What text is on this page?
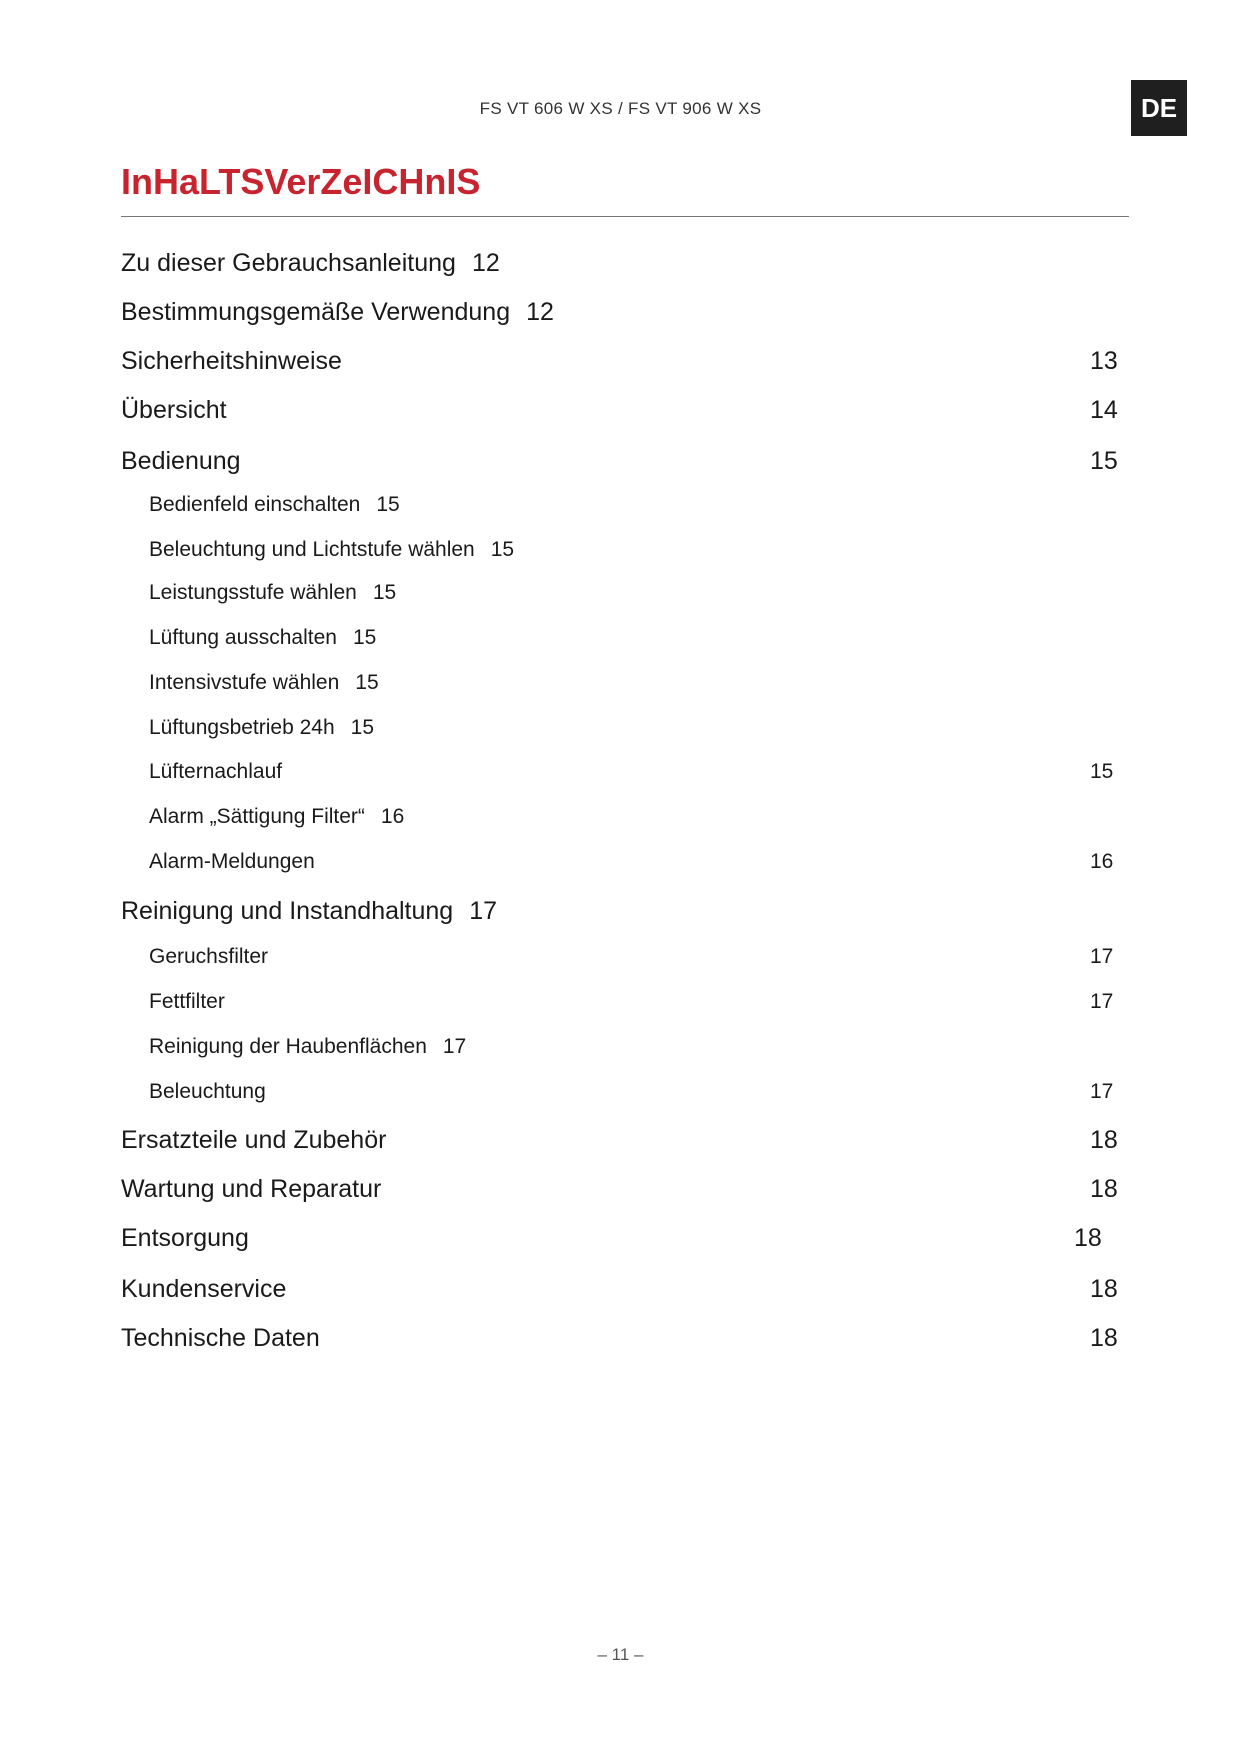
FS VT 606 W XS / FS VT 906 W XS	DE
InHaLTSVerZeICHnIS
Zu dieser Gebrauchsanleitung 12
Bestimmungsgemäße Verwendung 12
Sicherheitshinweise	13
Übersicht	14
Bedienung	15
Bedienfeld einschalten 15
Beleuchtung und Lichtstufe wählen 15
Leistungsstufe wählen 15
Lüftung ausschalten 15
Intensivstufe wählen 15
Lüftungsbetrieb 24h 15
Lüfternachlauf	15
Alarm „Sättigung Filter“ 16
Alarm-Meldungen	16
Reinigung und Instandhaltung 17
Geruchsfilter	17
Fettfilter	17
Reinigung der Haubenflächen 17
Beleuchtung	17
Ersatzteile und Zubehör	18
Wartung und Reparatur	18
Entsorgung	18
Kundenservice	18
Technische Daten	18
– 11 –
